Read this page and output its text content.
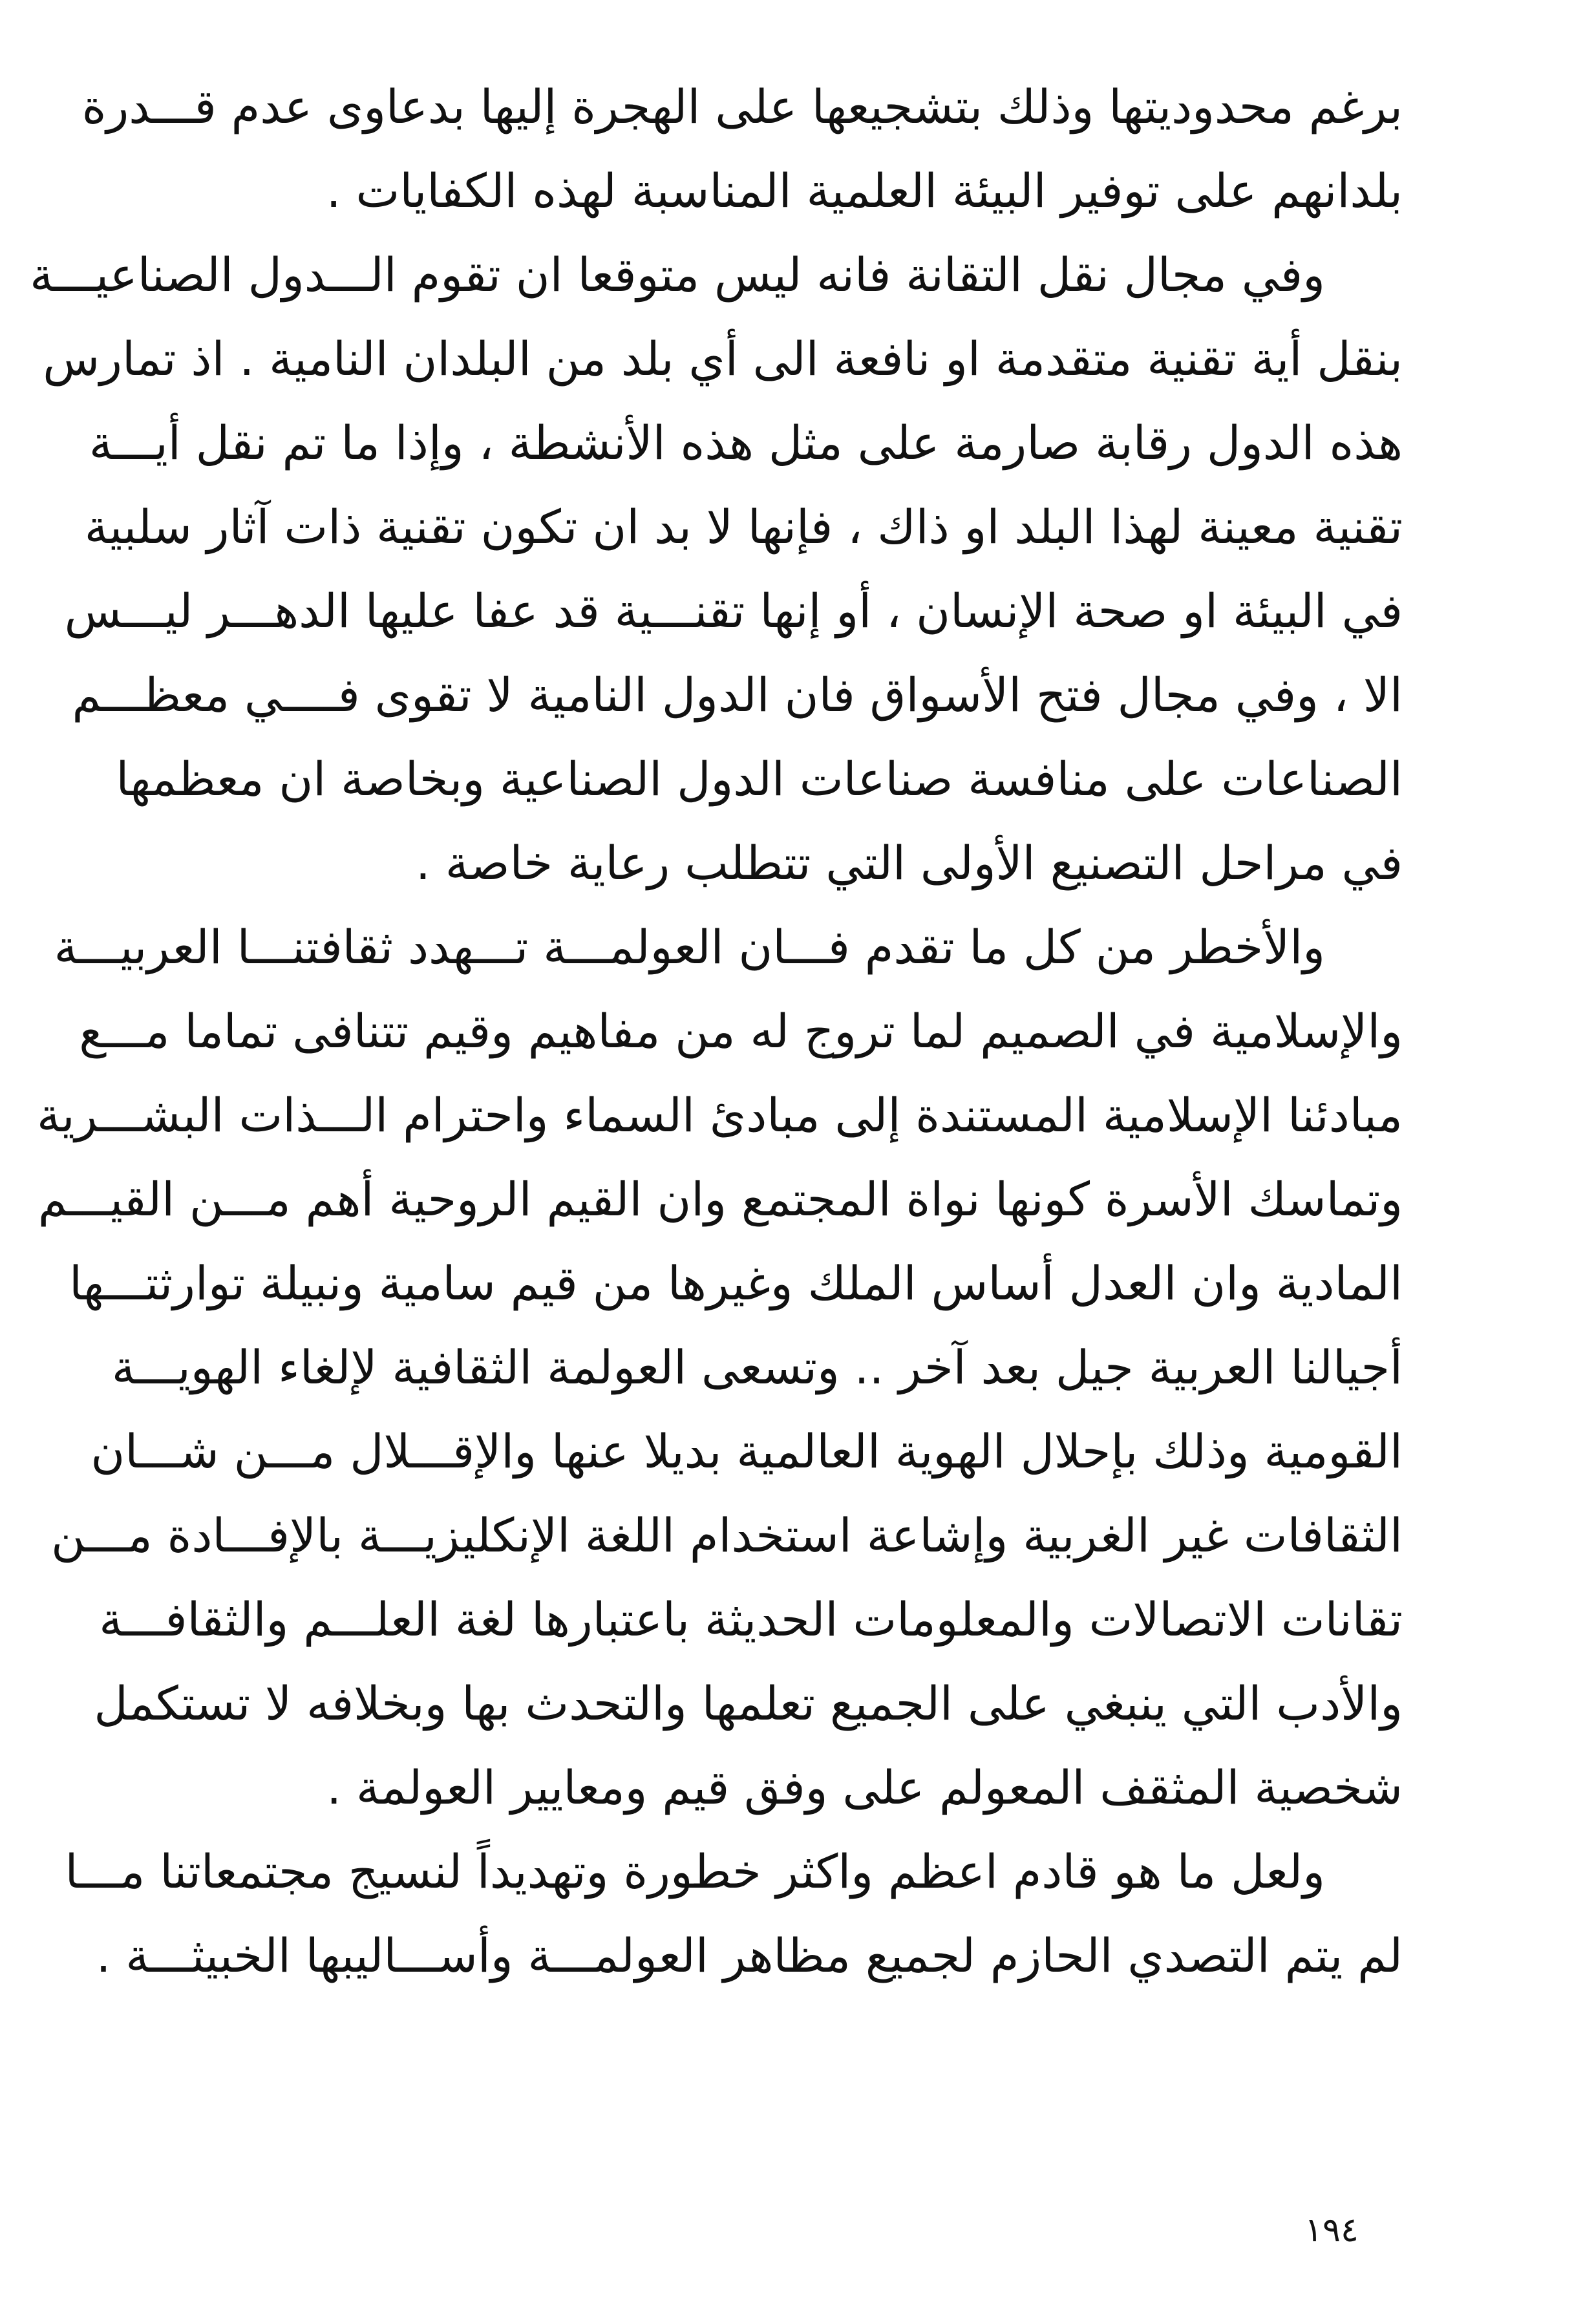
برغم محدوديتها وذلك بتشجيعها على الهجرة إليها بدعاوى عدم قـــدرة
بلدانهم على توفير البيئة العلمية المناسبة لهذه الكفايات .
وفي مجال نقل التقانة فانه ليس متوقعا ان تقوم الـــدول الصناعيـــة
بنقل أية تقنية متقدمة او نافعة الى أي بلد من البلدان النامية . اذ تمارس
هذه الدول رقابة صارمة على مثل هذه الأنشطة ، وإذا ما تم نقل أيـــة
تقنية معينة لهذا البلد او ذاك ، فإنها لا بد ان تكون تقنية ذات آثار سلبية
في البيئة او صحة الإنسان ، أو إنها تقنـــية قد عفا عليها الدهـــر ليـــس
الا ، وفي مجال فتح الأسواق فان الدول النامية لا تقوى فــــي معظـــم
الصناعات على منافسة صناعات الدول الصناعية وبخاصة ان معظمها
في مراحل التصنيع الأولى التي تتطلب رعاية خاصة .
والأخطر من كل ما تقدم فـــان العولمـــة تـــهدد ثقافتنـــا العربيـــة
والإسلامية في الصميم لما تروج له من مفاهيم وقيم تتنافى تماما مـــع
مبادئنا الإسلامية المستندة إلى مبادئ السماء واحترام الـــذات البشـــرية
وتماسك الأسرة كونها نواة المجتمع وان القيم الروحية أهم مـــن القيـــم
المادية وان العدل أساس الملك وغيرها من قيم سامية ونبيلة توارثتـــها
أجيالنا العربية جيل بعد آخر .. وتسعى العولمة الثقافية لإلغاء الهويـــة
القومية وذلك بإحلال الهوية العالمية بديلا عنها والإقـــلال مـــن شـــان
الثقافات غير الغربية وإشاعة استخدام اللغة الإنكليزيـــة بالإفـــادة مـــن
تقانات الاتصالات والمعلومات الحديثة باعتبارها لغة العلـــم والثقافـــة
والأدب التي ينبغي على الجميع تعلمها والتحدث بها وبخلافه لا تستكمل
شخصية المثقف المعولم على وفق قيم ومعايير العولمة .
ولعل ما هو قادم اعظم واكثر خطورة وتهديداً لنسيج مجتمعاتنا مـــا
لم يتم التصدي الحازم لجميع مظاهر العولمـــة وأســـاليبها الخبيثـــة .
١٩٤
